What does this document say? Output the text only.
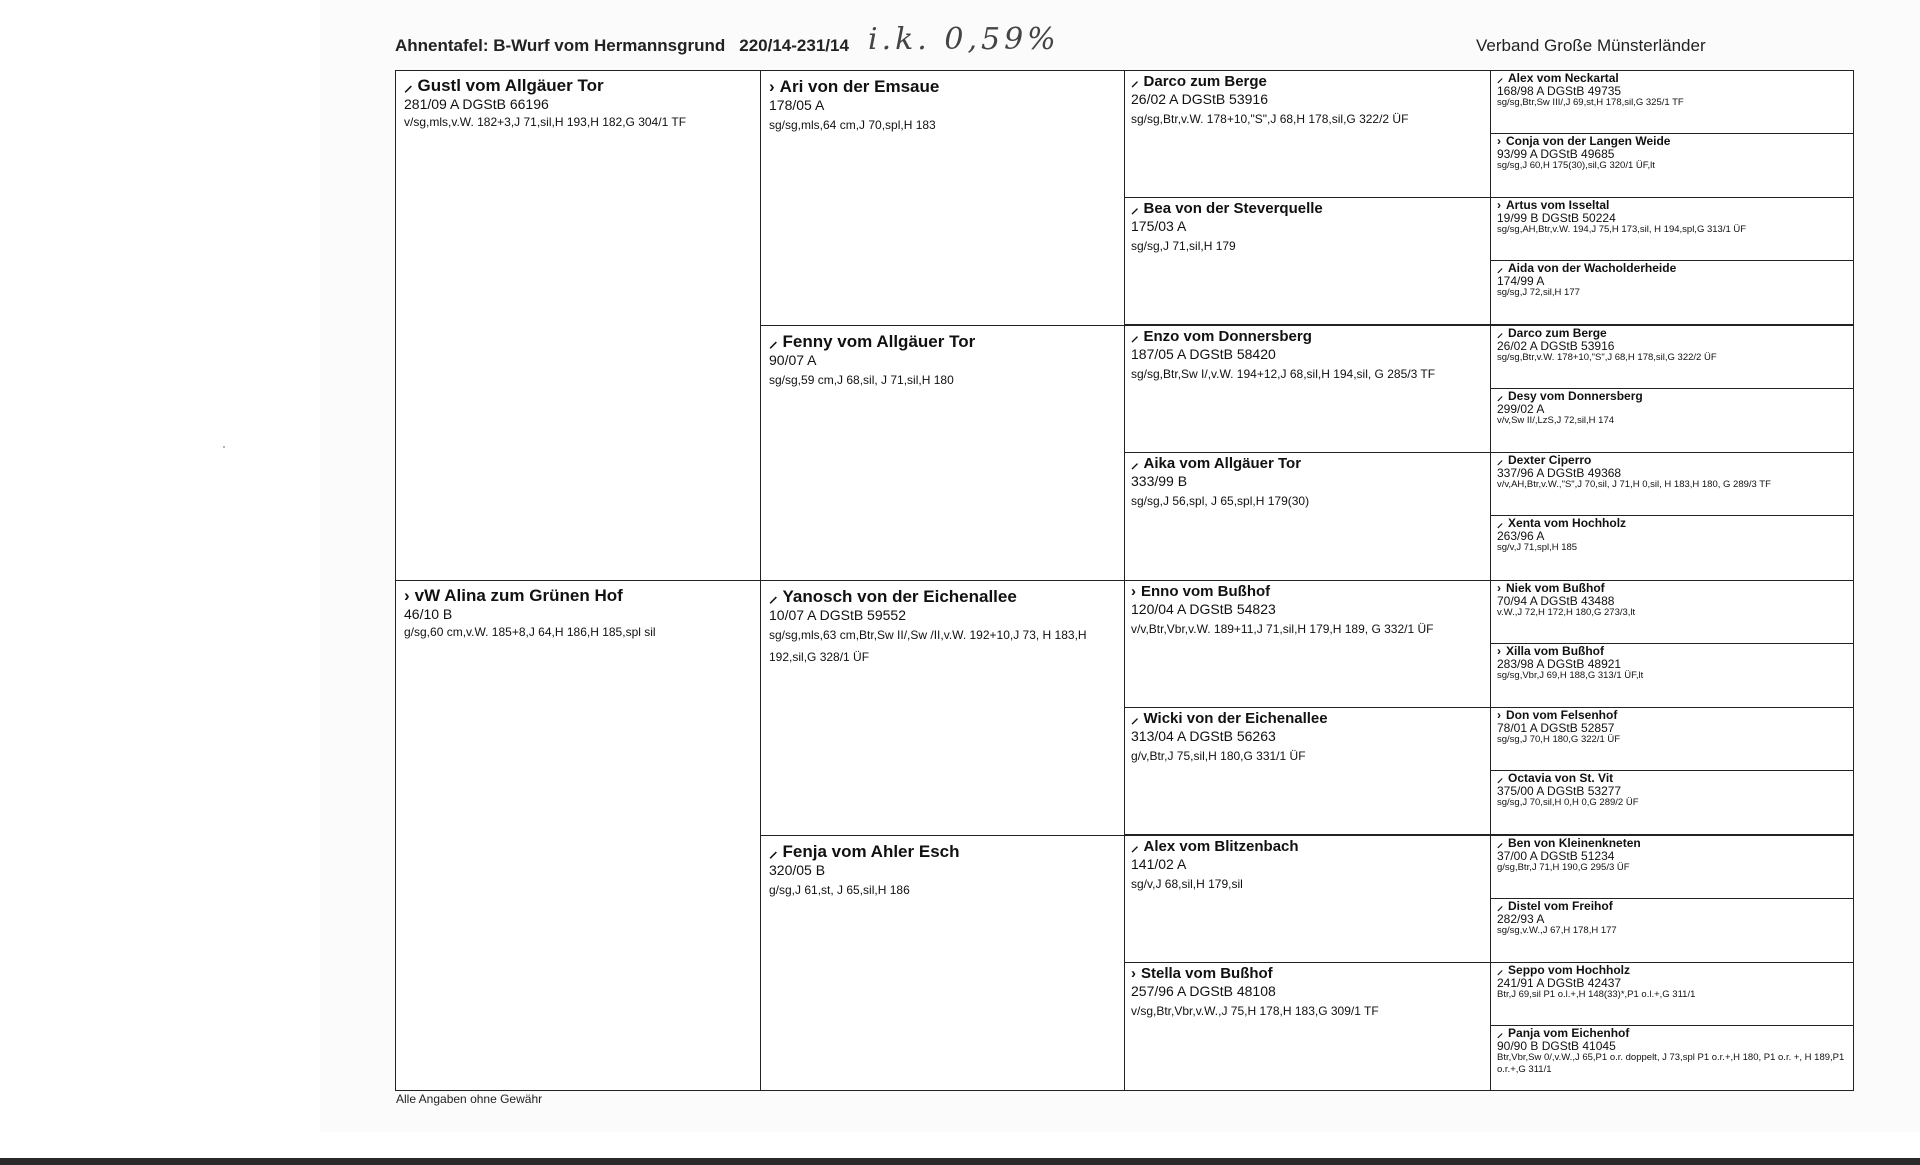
Ahnentafel: B-Wurf vom Hermannsgrund 220/14-231/14 i.k. 0,59%	Verband Große Münsterländer
⸝ Gustl vom Allgäuer Tor
281/09 A DGStB 66196
v/sg,mls,v.W. 182+3,J 71,sil,H 193,H 182,G 304/1 TF
› Ari von der Emsaue
178/05 A
sg/sg,mls,64 cm,J 70,spl,H 183
⸝ Fenny vom Allgäuer Tor
90/07 A
sg/sg,59 cm,J 68,sil, J 71,sil,H 180
⸝ Darco zum Berge
26/02 A DGStB 53916
sg/sg,Btr,v.W. 178+10,"S",J 68,H 178,sil,G 322/2 ÜF
⸝ Bea von der Steverquelle
175/03 A
sg/sg,J 71,sil,H 179
⸝ Enzo vom Donnersberg
187/05 A DGStB 58420
sg/sg,Btr,Sw I/,v.W. 194+12,J 68,sil,H 194,sil, G 285/3 TF
⸝ Aika vom Allgäuer Tor
333/99 B
sg/sg,J 56,spl, J 65,spl,H 179(30)
⸝ Alex vom Neckartal
168/98 A DGStB 49735
sg/sg,Btr,Sw III/,J 69,st,H 178,sil,G 325/1 TF
› Conja von der Langen Weide
93/99 A DGStB 49685
sg/sg,J 60,H 175(30),sil,G 320/1 ÜF,lt
› Artus vom Isseltal
19/99 B DGStB 50224
sg/sg,AH,Btr,v.W. 194,J 75,H 173,sil, H 194,spl,G 313/1 ÜF
⸝ Aida von der Wacholderheide
174/99 A
sg/sg,J 72,sil,H 177
⸝ Darco zum Berge
26/02 A DGStB 53916
sg/sg,Btr,v.W. 178+10,"S",J 68,H 178,sil,G 322/2 ÜF
⸝ Desy vom Donnersberg
299/02 A
v/v,Sw II/,LzS,J 72,sil,H 174
⸝ Dexter Ciperro
337/96 A DGStB 49368
v/v,AH,Btr,v.W.,"S",J 70,sil, J 71,H 0,sil, H 183,H 180, G 289/3 TF
⸝ Xenta vom Hochholz
263/96 A
sg/v,J 71,spl,H 185
› vW Alina zum Grünen Hof
46/10 B
g/sg,60 cm,v.W. 185+8,J 64,H 186,H 185,spl sil
⸝ Yanosch von der Eichenallee
10/07 A DGStB 59552
sg/sg,mls,63 cm,Btr,Sw II/,Sw /II,v.W. 192+10,J 73, H 183,H 192,sil,G 328/1 ÜF
⸝ Fenja vom Ahler Esch
320/05 B
g/sg,J 61,st, J 65,sil,H 186
› Enno vom Bußhof
120/04 A DGStB 54823
v/v,Btr,Vbr,v.W. 189+11,J 71,sil,H 179,H 189, G 332/1 ÜF
⸝ Wicki von der Eichenallee
313/04 A DGStB 56263
g/v,Btr,J 75,sil,H 180,G 331/1 ÜF
⸝ Alex vom Blitzenbach
141/02 A
sg/v,J 68,sil,H 179,sil
› Stella vom Bußhof
257/96 A DGStB 48108
v/sg,Btr,Vbr,v.W.,J 75,H 178,H 183,G 309/1 TF
› Niek vom Bußhof
70/94 A DGStB 43488
v.W.,J 72,H 172,H 180,G 273/3,lt
› Xilla vom Bußhof
283/98 A DGStB 48921
sg/sg,Vbr,J 69,H 188,G 313/1 ÜF,lt
› Don vom Felsenhof
78/01 A DGStB 52857
sg/sg,J 70,H 180,G 322/1 ÜF
⸝ Octavia von St. Vit
375/00 A DGStB 53277
sg/sg,J 70,sil,H 0,H 0,G 289/2 ÜF
⸝ Ben von Kleinenkneten
37/00 A DGStB 51234
g/sg,Btr,J 71,H 190,G 295/3 ÜF
⸝ Distel vom Freihof
282/93 A
sg/sg,v.W.,J 67,H 178,H 177
⸝ Seppo vom Hochholz
241/91 A DGStB 42437
Btr,J 69,sil P1 o.l.+,H 148(33)*,P1 o.l.+,G 311/1
⸝ Panja vom Eichenhof
90/90 B DGStB 41045
Btr,Vbr,Sw 0/,v.W.,J 65,P1 o.r. doppelt, J 73,spl P1 o.r.+,H 180, P1 o.r. +, H 189,P1 o.r.+,G 311/1
Alle Angaben ohne Gewähr
